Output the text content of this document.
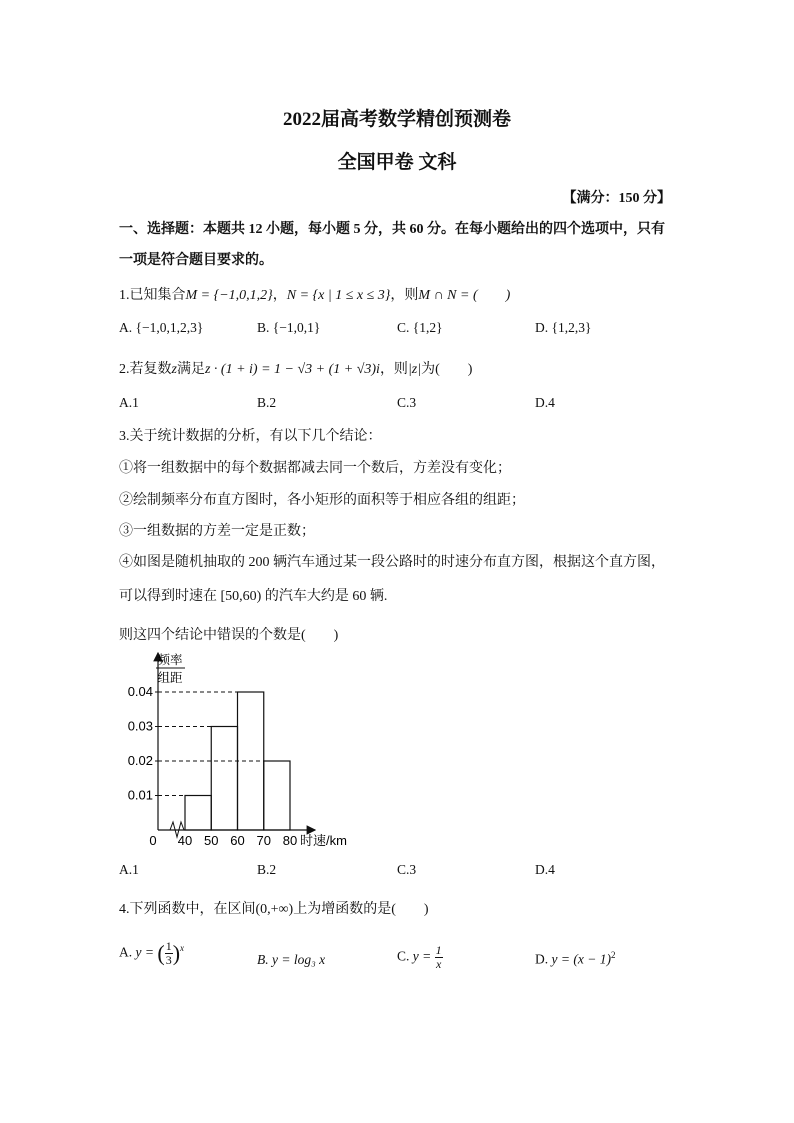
2022届高考数学精创预测卷
全国甲卷 文科
【满分：150 分】
一、选择题：本题共 12 小题，每小题 5 分，共 60 分。在每小题给出的四个选项中，只有
一项是符合题目要求的。
1.已知集合M = {−1,0,1,2}，N = {x | 1 ≤ x ≤ 3}，则M ∩ N = (　　)
A. {−1,0,1,2,3}	B. {−1,0,1}	C. {1,2}	D. {1,2,3}
2.若复数z满足z · (1 + i) = 1 − √3 + (1 + √3)i，则|z|为(　　)
A.1	B.2	C.3	D.4
3.关于统计数据的分析，有以下几个结论：
①将一组数据中的每个数据都减去同一个数后，方差没有变化；
②绘制频率分布直方图时，各小矩形的面积等于相应各组的组距；
③一组数据的方差一定是正数；
④如图是随机抽取的 200 辆汽车通过某一段公路时的时速分布直方图，根据这个直方图，
可以得到时速在 [50,60) 的汽车大约是 60 辆.
则这四个结论中错误的个数是(　　)
0.04
0.03
0.02
0.01
40 50 60 70 80
频率
组距
0	时速/km
A.1	B.2	C.3	D.4
4.下列函数中，在区间(0,+∞)上为增函数的是(　　)
A. y = ( $\frac{1}{3} )^x$
B. y = log₃ x	C. $y = \frac{1}{x}$	D. $y = (x - 1)^2$
